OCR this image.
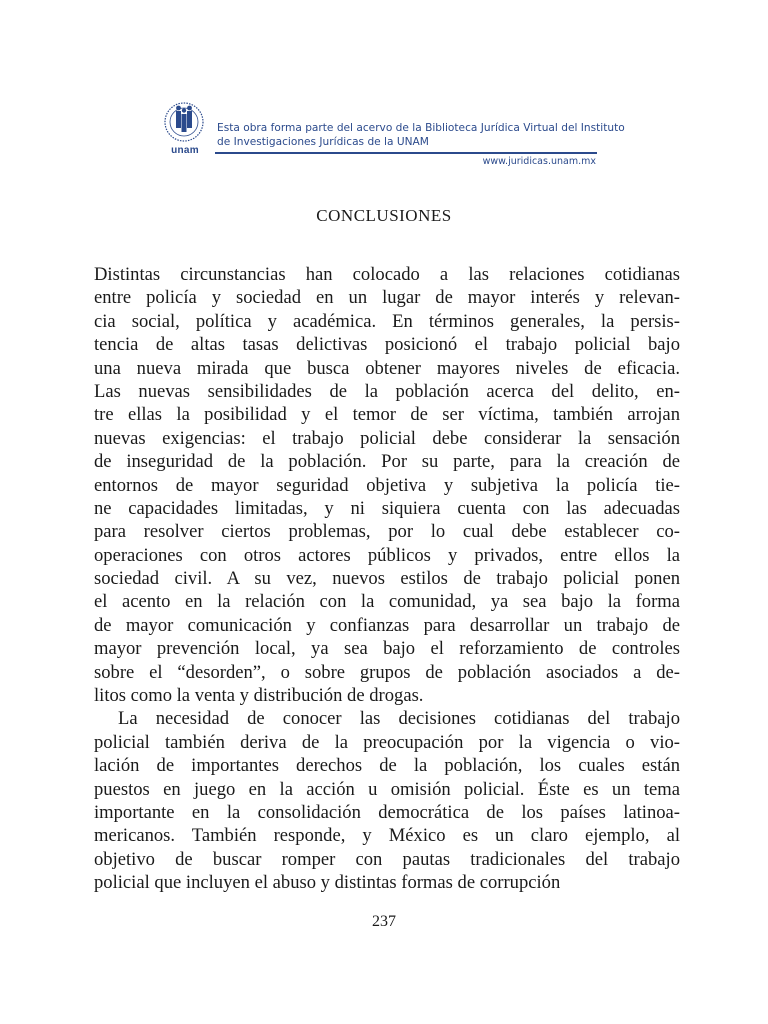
unam
Esta obra forma parte del acervo de la Biblioteca Jurídica Virtual del Instituto
de Investigaciones Jurídicas de la UNAM
www.juridicas.unam.mx
CONCLUSIONES
Distintas circunstancias han colocado a las relaciones cotidianas
entre policía y sociedad en un lugar de mayor interés y relevan-
cia social, política y académica. En términos generales, la persis-
tencia de altas tasas delictivas posicionó el trabajo policial bajo
una nueva mirada que busca obtener mayores niveles de eficacia.
Las nuevas sensibilidades de la población acerca del delito, en-
tre ellas la posibilidad y el temor de ser víctima, también arrojan
nuevas exigencias: el trabajo policial debe considerar la sensación
de inseguridad de la población. Por su parte, para la creación de
entornos de mayor seguridad objetiva y subjetiva la policía tie-
ne capacidades limitadas, y ni siquiera cuenta con las adecuadas
para resolver ciertos problemas, por lo cual debe establecer co-
operaciones con otros actores públicos y privados, entre ellos la
sociedad civil. A su vez, nuevos estilos de trabajo policial ponen
el acento en la relación con la comunidad, ya sea bajo la forma
de mayor comunicación y confianzas para desarrollar un trabajo de
mayor prevención local, ya sea bajo el reforzamiento de controles
sobre el “desorden”, o sobre grupos de población asociados a de-
litos como la venta y distribución de drogas.
La necesidad de conocer las decisiones cotidianas del trabajo
policial también deriva de la preocupación por la vigencia o vio-
lación de importantes derechos de la población, los cuales están
puestos en juego en la acción u omisión policial. Éste es un tema
importante en la consolidación democrática de los países latinoa-
mericanos. También responde, y México es un claro ejemplo, al
objetivo de buscar romper con pautas tradicionales del trabajo
policial que incluyen el abuso y distintas formas de corrupción
237
